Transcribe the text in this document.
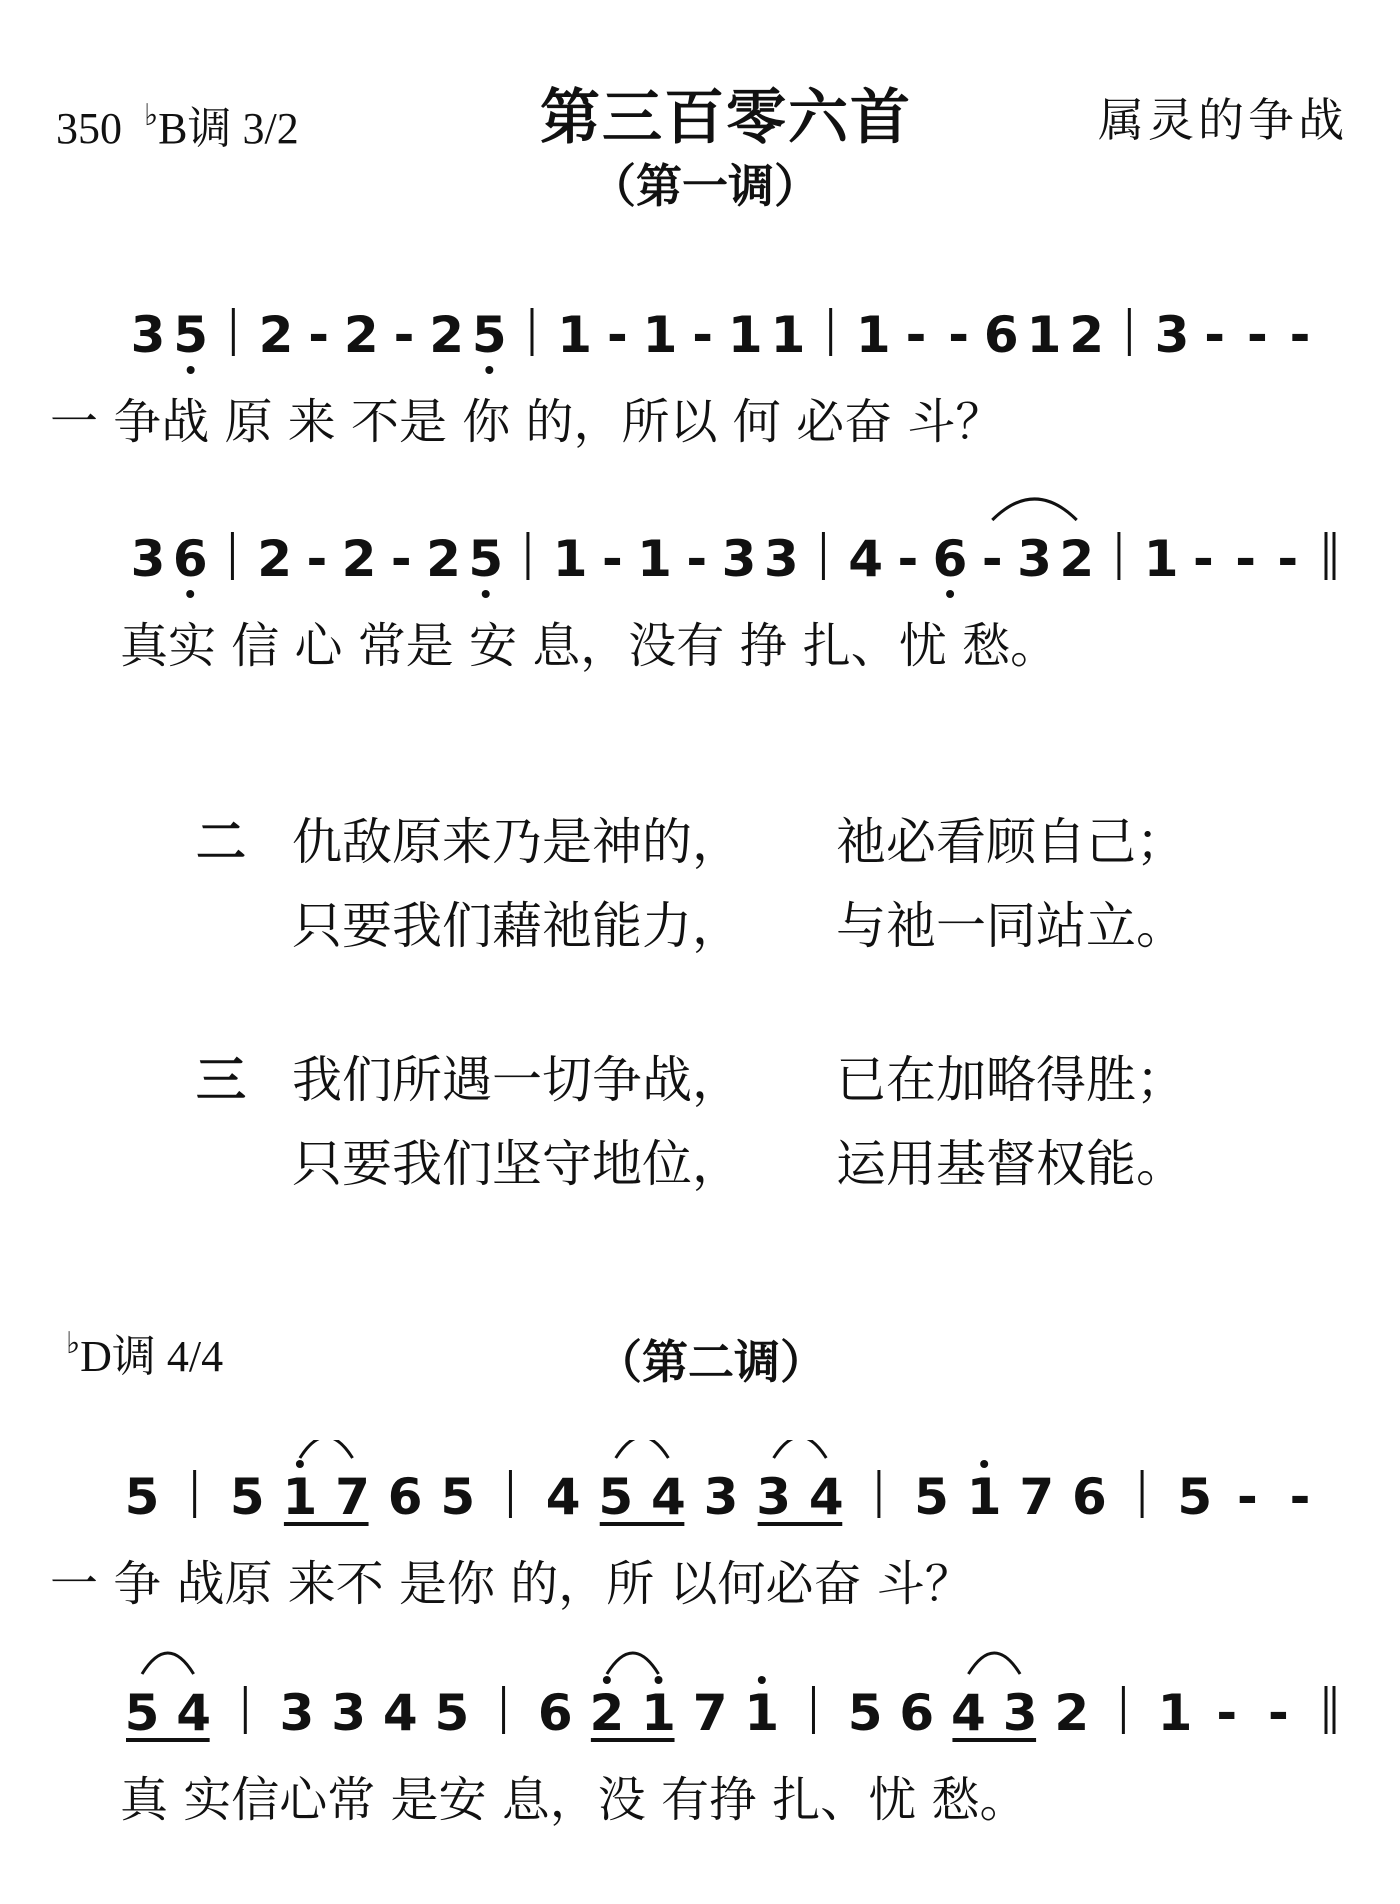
350 ♭B调 3/2	第三百零六首
（第一调）
属灵的争战
3 5 2 - 2 - 2 5 1 - 1 - 1 1 1 - - 6 1 2 3 - - -
一 争战 原 来 不是 你 的，所以 何 必奋 斗？
3 6 2 - 2 - 2 5 1 - 1 - 3 3 4 - 6 - 3 2 1 - - -
真实 信 心 常是 安 息，没有 挣 扎、忧 愁。
二 仇敌原来乃是神的， 祂必看顾自己；
只要我们藉祂能力， 与祂一同站立。
三 我们所遇一切争战， 已在加略得胜；
只要我们坚守地位， 运用基督权能。
♭D调 4/4	（第二调）
5 5 1 7 6 5 4 5 4 3 3 4 5 1 7 6 5 - -
一 争 战原 来不 是你 的，所 以何必奋 斗？
5 4 3 3 4 5 6 2 1 7 1 5 6 4 3 2 1 - -
真 实信心常 是安 息，没 有挣 扎、忧 愁。
